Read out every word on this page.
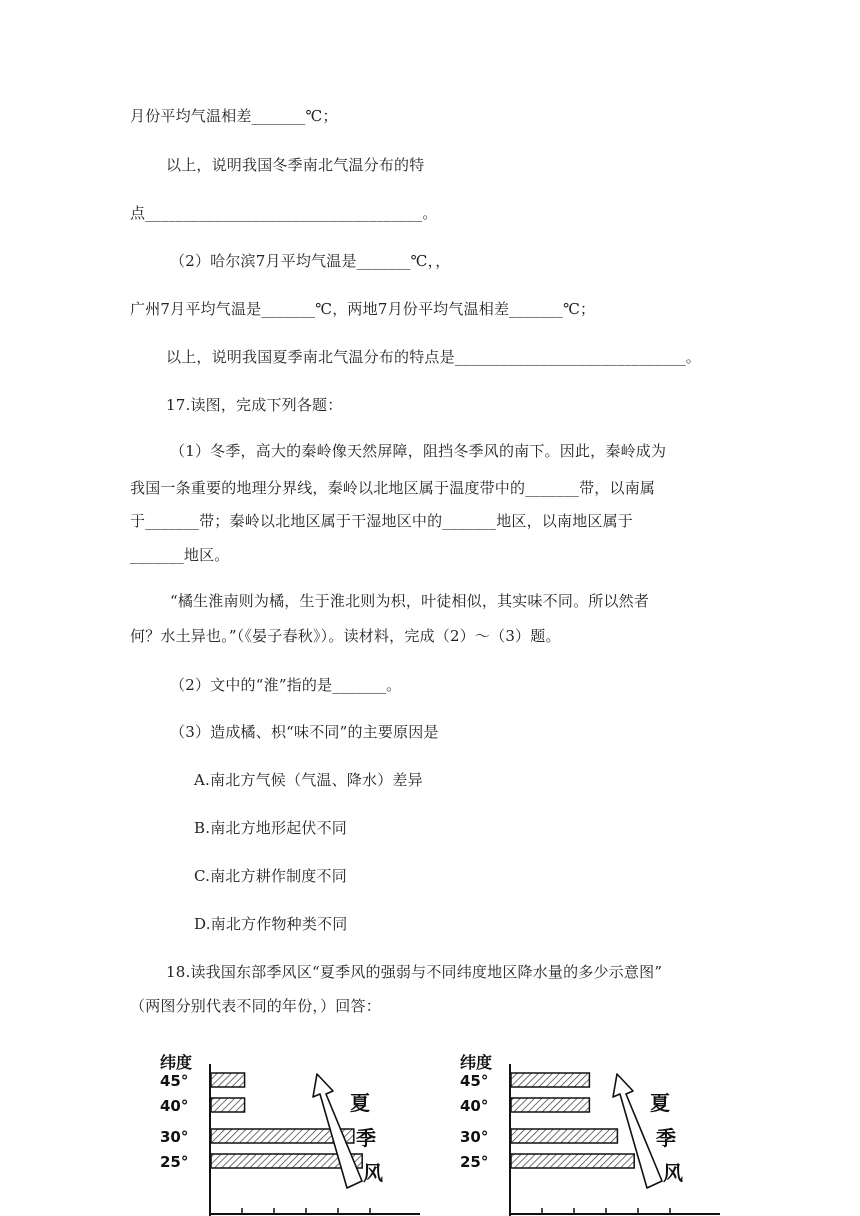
月份平均气温相差_______℃；
以上，说明我国冬季南北气温分布的特
点____________________________________。
（2）哈尔滨7月平均气温是_______℃，，
广州7月平均气温是_______℃，两地7月份平均气温相差_______℃；
以上，说明我国夏季南北气温分布的特点是______________________________。
17.读图，完成下列各题：
（1）冬季，高大的秦岭像天然屏障，阻挡冬季风的南下。因此，秦岭成为
我国一条重要的地理分界线，秦岭以北地区属于温度带中的_______带，以南属
于_______带；秦岭以北地区属于干湿地区中的_______地区，以南地区属于
_______地区。
“橘生淮南则为橘，生于淮北则为枳，叶徒相似，其实味不同。所以然者
何？水土异也。”（《晏子春秋》）。读材料，完成（2）～（3）题。
（2）文中的“淮”指的是_______。
（3）造成橘、枳“味不同”的主要原因是
A.南北方气候（气温、降水）差异
B.南北方地形起伏不同
C.南北方耕作制度不同
D.南北方作物种类不同
18.读我国东部季风区“夏季风的强弱与不同纬度地区降水量的多少示意图”
（两图分别代表不同的年份，）回答：
纬度
45°
40°
30°
25°
夏
季
风
纬度
45°
40°
30°
25°
夏
季
风
